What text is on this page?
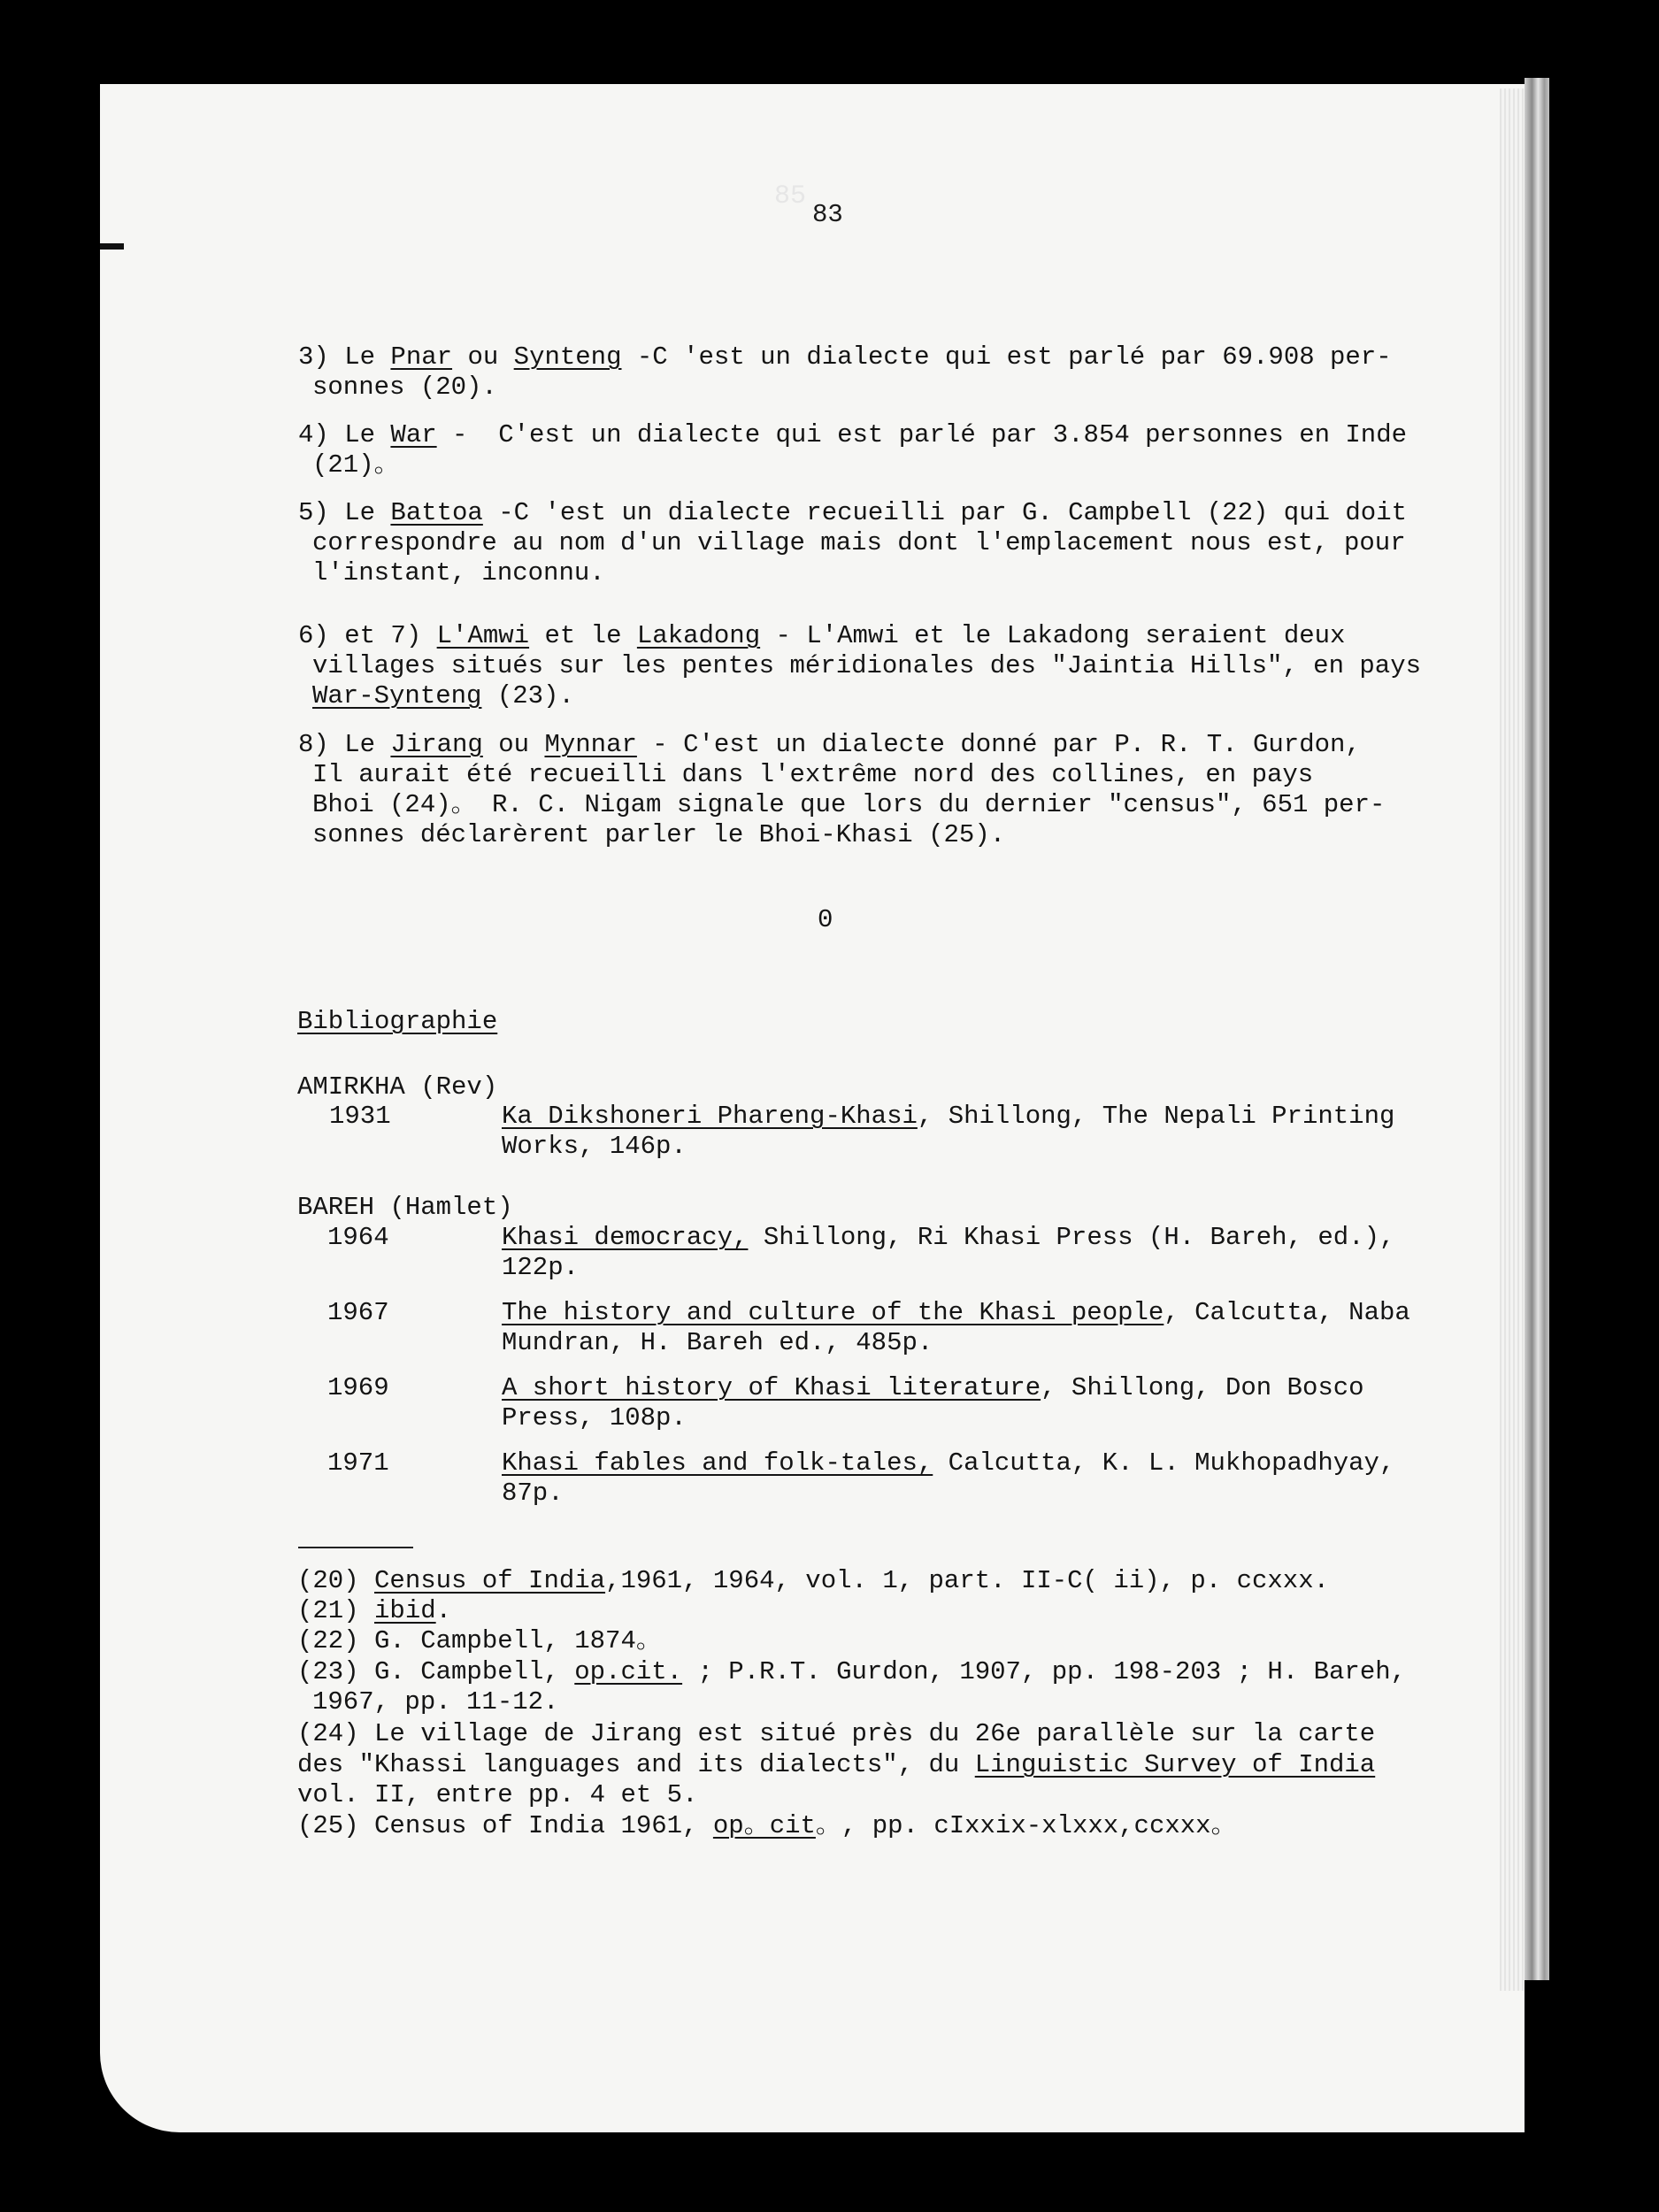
85
83
3) Le Pnar ou Synteng -C 'est un dialecte qui est parlé par 69.908 per-
sonnes (20).
4) Le War -  C'est un dialecte qui est parlé par 3.854 personnes en Inde
(21)。
5) Le Battoa -C 'est un dialecte recueilli par G. Campbell (22) qui doit
correspondre au nom d'un village mais dont l'emplacement nous est, pour
l'instant, inconnu.
6) et 7) L'Amwi et le Lakadong - L'Amwi et le Lakadong seraient deux
villages situés sur les pentes méridionales des "Jaintia Hills", en pays
War-Synteng (23).
8) Le Jirang ou Mynnar - C'est un dialecte donné par P. R. T. Gurdon,
Il aurait été recueilli dans l'extrême nord des collines, en pays
Bhoi (24)。 R. C. Nigam signale que lors du dernier "census", 651 per-
sonnes déclarèrent parler le Bhoi-Khasi (25).
0
Bibliographie
AMIRKHA (Rev)
1931	Ka Dikshoneri Phareng-Khasi, Shillong, The Nepali Printing
Works, 146p.
BAREH (Hamlet)
1964	Khasi democracy, Shillong, Ri Khasi Press (H. Bareh, ed.),
122p.
1967	The history and culture of the Khasi people, Calcutta, Naba
Mundran, H. Bareh ed., 485p.
1969	A short history of Khasi literature, Shillong, Don Bosco
Press, 108p.
1971	Khasi fables and folk-tales, Calcutta, K. L. Mukhopadhyay,
87p.
(20) Census of India,1961, 1964, vol. 1, part. II-C( ii), p. ccxxx.
(21) ibid.
(22) G. Campbell, 1874。
(23) G. Campbell, op.cit. ; P.R.T. Gurdon, 1907, pp. 198-203 ; H. Bareh,
1967, pp. 11-12.
(24) Le village de Jirang est situé près du 26e parallèle sur la carte
des "Khassi languages and its dialects", du Linguistic Survey of India
vol. II, entre pp. 4 et 5.
(25) Census of India 1961, op。cit。, pp. cIxxix-xlxxx,ccxxx。
